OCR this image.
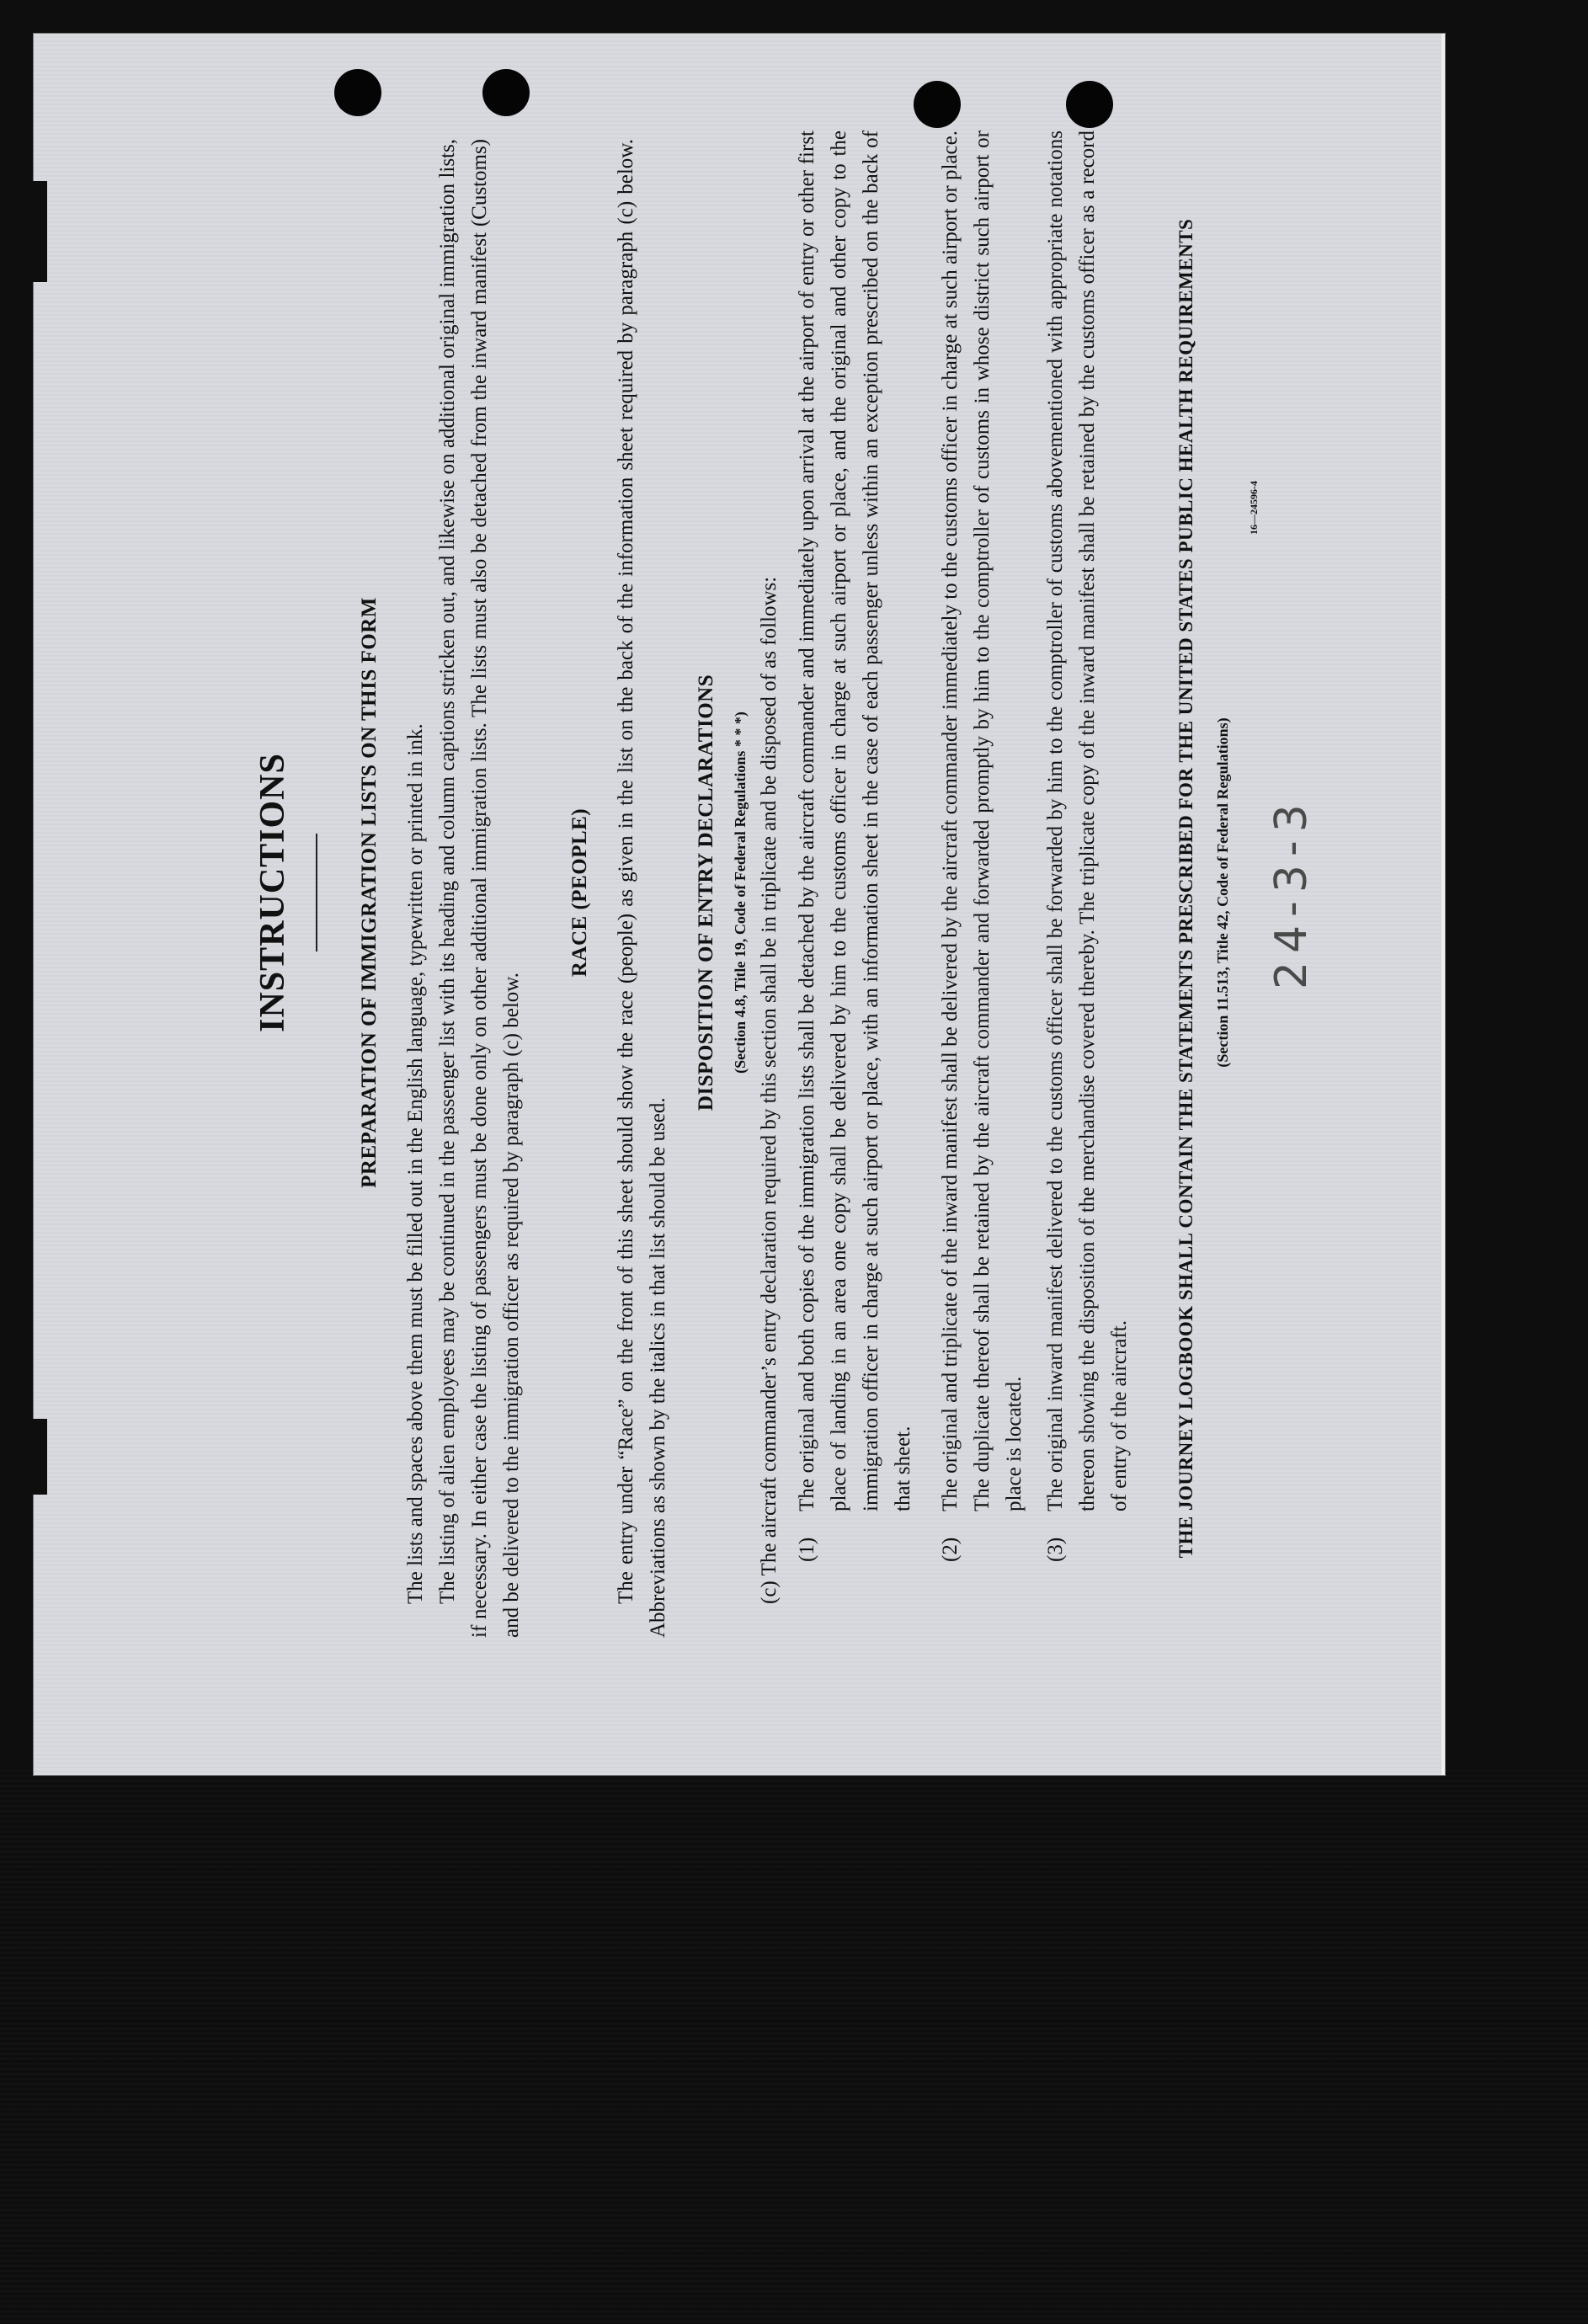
INSTRUCTIONS	PREPARATION OF IMMIGRATION LISTS ON THIS FORM The lists and spaces above them must be filled out in the English language, typewritten or printed in ink. The listing of alien employees may be continued in the passenger list with its heading and column captions stricken out, and likewise on additional original immigration lists, if necessary. In either case the listing of passengers must be done only on other additional immigration lists. The lists must also be detached from the inward manifest (Customs) and be delivered to the immigration officer as required by paragraph (c) below.
RACE (PEOPLE) The entry under “Race” on the front of this sheet should show the race (people) as given in the list on the back of the information sheet required by paragraph (c) below. Abbreviations as shown by the italics in that list should be used.
DISPOSITION OF ENTRY DECLARATIONS (Section 4.8, Title 19, Code of Federal Regulations * * *) (c) The aircraft commander’s entry declaration required by this section shall be in triplicate and be disposed of as follows: (1)
The original and both copies of the immigration lists shall be detached by the aircraft commander and immediately upon arrival at the airport of entry or other first place of landing in an area one copy shall be delivered by him to the customs officer in charge at such airport or place, and the original and other copy to the immigration officer in charge at such airport or place, with an information sheet in the case of each passenger unless within an exception prescribed on the back of that sheet.
(2)
The original and triplicate of the inward manifest shall be delivered by the aircraft commander immediately to the customs officer in charge at such airport or place. The duplicate thereof shall be retained by the aircraft commander and forwarded promptly by him to the comptroller of customs in whose district such airport or place is located.
(3)
The original inward manifest delivered to the customs officer shall be forwarded by him to the comptroller of customs abovementioned with appropriate notations thereon showing the disposition of the merchandise covered thereby. The triplicate copy of the inward manifest shall be retained by the customs officer as a record of entry of the aircraft. THE JOURNEY LOGBOOK SHALL CONTAIN THE STATEMENTS PRESCRIBED FOR THE UNITED STATES PUBLIC HEALTH REQUIREMENTS	(Section 11.513, Title 42, Code of Federal Regulations)
16—24596-4
24-3-3
